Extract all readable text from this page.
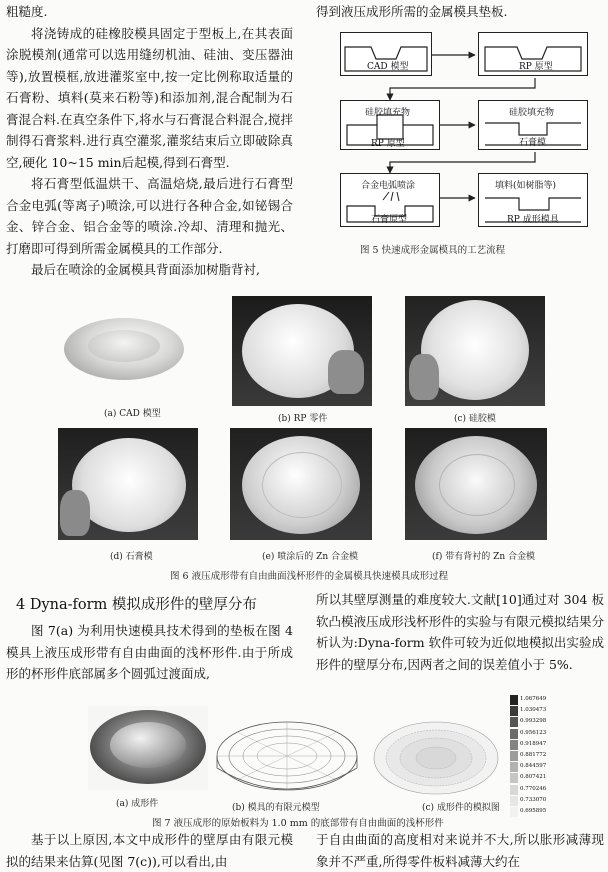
粗糙度.

将浇铸成的硅橡胶模具固定于型板上,在其表面涂脱模剂(通常可以选用缝纫机油、硅油、变压器油等),放置模框,放进灌浆室中,按一定比例称取适量的石膏粉、填料(莫来石粉等)和添加剂,混合配制为石膏混合料.在真空条件下,将水与石膏混合料混合,搅拌制得石膏浆料.进行真空灌浆,灌浆结束后立即破除真空,硬化 10~15 min后起模,得到石膏型.

将石膏型低温烘干、高温焙烧,最后进行石膏型合金电弧(等离子)喷涂,可以进行各种合金,如铋锡合金、锌合金、铝合金等的喷涂.冷却、清理和抛光、打磨即可得到所需金属模具的工作部分.

最后在喷涂的金属模具背面添加树脂背衬,

得到液压成形所需的金属模具垫板.

CAD 模型	RP 原型
硅胶填充物
RP 原型
硅胶填充物
石膏模
合金电弧喷涂
石膏原型
填料(如树脂等)
RP 成形模具
图 5 快速成形金属模具的工艺流程
(a) CAD 模型	(b) RP 零件	(c) 硅胶模
(d) 石膏模	(e) 喷涂后的 Zn 合金模	(f) 带有背衬的 Zn 合金模
图 6 液压成形带有自由曲面浅杯形件的金属模具快速模具成形过程
4 Dyna-form 模拟成形件的壁厚分布

图 7(a) 为利用快速模具技术得到的垫板在图 4 模具上液压成形带有自由曲面的浅杯形件.由于所成形的杯形件底部属多个圆弧过渡面成,

所以其壁厚测量的难度较大.文献[10]通过对 304 板软凸模液压成形浅杯形件的实验与有限元模拟结果分析认为:Dyna-form 软件可较为近似地模拟出实验成形件的壁厚分布,因两者之间的误差值小于 5%.

(a) 成形件	(b) 模具的有限元模型	(c) 成形件的模拟图
1.067649
1.030473
0.993298
0.956123
0.918947
0.881772
0.844597
0.807421
0.770246
0.733070
0.695895
图 7 液压成形的原始板料为 1.0 mm 的底部带有自由曲面的浅杯形件

基于以上原因,本文中成形件的壁厚由有限元模拟的结果来估算(见图 7(c)),可以看出,由

于自由曲面的高度相对来说并不大,所以胀形减薄现象并不严重,所得零件板料减薄大约在
